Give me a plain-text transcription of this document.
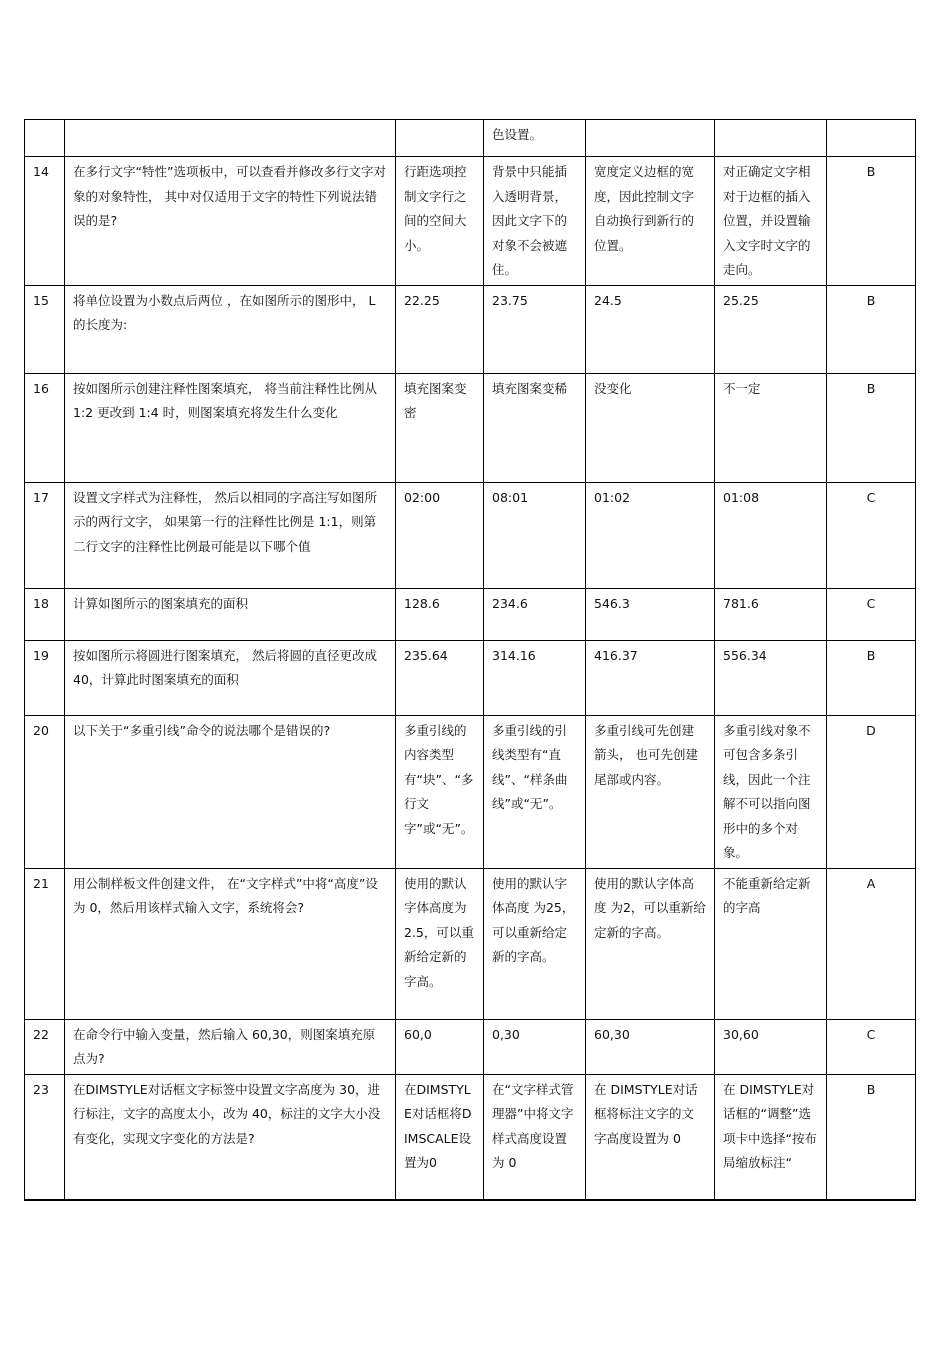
			色设置。			
14	在多行文字“特性”选项板中，可以查看并修改多行文字对象的对象特性， 其中对仅适用于文字的特性下列说法错误的是?	行距选项控制文字行之间的空间大小。	背景中只能插入透明背景，因此文字下的对象不会被遮住。	宽度定义边框的宽度，因此控制文字自动换行到新行的位置。	对正确定文字相对于边框的插入位置，并设置输入文字时文字的走向。	B
15	将单位设置为小数点后两位 ，在如图所示的图形中， L的长度为:	22.25	23.75	24.5	25.25	B
16	按如图所示创建注释性图案填充， 将当前注释性比例从 1:2 更改到 1:4 时，则图案填充将发生什么变化	填充图案变密	填充图案变稀	没变化	不一定	B
17	设置文字样式为注释性， 然后以相同的字高注写如图所示的两行文字， 如果第一行的注释性比例是 1:1，则第二行文字的注释性比例最可能是以下哪个值	02:00	08:01	01:02	01:08	C
18	计算如图所示的图案填充的面积	128.6	234.6	546.3	781.6	C
19	按如图所示将圆进行图案填充， 然后将圆的直径更改成 40，计算此时图案填充的面积	235.64	314.16	416.37	556.34	B
20	以下关于“多重引线”命令的说法哪个是错误的?	多重引线的内容类型有“块”、“多行文字”或“无”。	多重引线的引线类型有“直线”、“样条曲线”或“无”。	多重引线可先创建箭头， 也可先创建尾部或内容。	多重引线对象不可包含多条引线，因此一个注解不可以指向图形中的多个对象。	D
21	用公制样板文件创建文件， 在“文字样式”中将“高度”设为 0，然后用该样式输入文字，系统将会?	使用的默认字体高度为2.5，可以重新给定新的字高。	使用的默认字体高度 为25，可以重新给定新的字高。	使用的默认字体高度 为2，可以重新给定新的字高。	不能重新给定新的字高	A
22	在命令行中输入变量，然后输入 60,30，则图案填充原点为?	60,0	0,30	60,30	30,60	C
23	在DIMSTYLE对话框文字标签中设置文字高度为 30，进行标注，文字的高度太小，改为 40，标注的文字大小没有变化，实现文字变化的方法是?	在DIMSTYLE对话框将DIMSCALE设置为0	在“文字样式管理器”中将文字样式高度设置为 0	在 DIMSTYLE对话框将标注文字的文字高度设置为 0	在 DIMSTYLE对话框的“调整”选项卡中选择“按布局缩放标注“	B
